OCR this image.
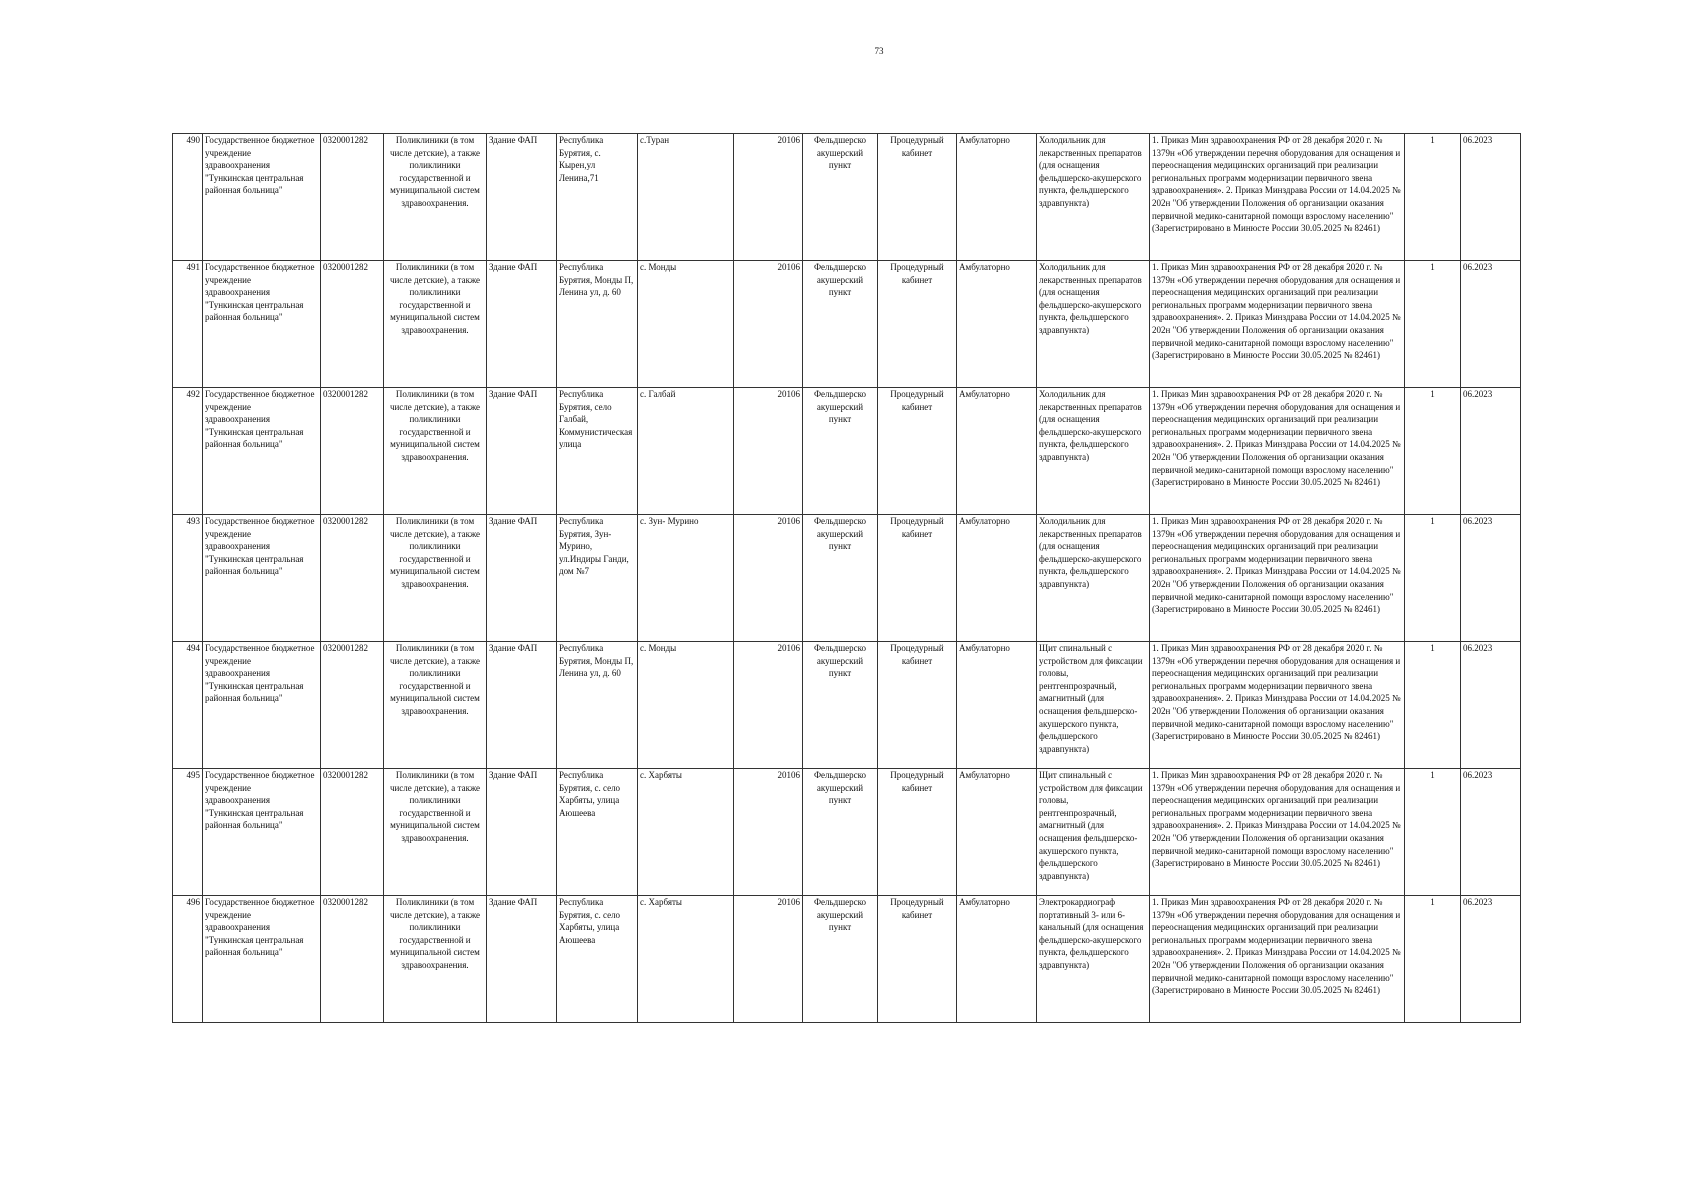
73
490	Государственное бюджетное учреждение здравоохранения "Тункинская центральная районная больница"	0320001282	Поликлиники (в том числе детские), а также поликлиники государственной и муниципальной систем здравоохранения.	Здание ФАП	Республика Бурятия, с. Кырен,ул Ленина,71	с.Туран	20106	Фельдшерско акушерский пункт	Процедурный кабинет	Амбулаторно	Холодильник для лекарственных препаратов (для оснащения фельдшерско-акушерского пункта, фельдшерского здравпункта)	1. Приказ Мин здравоохранения РФ от 28 декабря 2020 г. № 1379н «Об утверждении перечня оборудования для оснащения и переоснащения медицинских организаций при реализации региональных программ модернизации первичного звена здравоохранения». 2. Приказ Минздрава России от 14.04.2025 № 202н "Об утверждении Положения об организации оказания первичной медико-санитарной помощи взрослому населению" (Зарегистрировано в Минюсте России 30.05.2025 № 82461)	1	06.2023
491	Государственное бюджетное учреждение здравоохранения "Тункинская центральная районная больница"	0320001282	Поликлиники (в том числе детские), а также поликлиники государственной и муниципальной систем здравоохранения.	Здание ФАП	Республика Бурятия, Монды П, Ленина ул, д. 60	с. Монды	20106	Фельдшерско акушерский пункт	Процедурный кабинет	Амбулаторно	Холодильник для лекарственных препаратов (для оснащения фельдшерско-акушерского пункта, фельдшерского здравпункта)	1. Приказ Мин здравоохранения РФ от 28 декабря 2020 г. № 1379н «Об утверждении перечня оборудования для оснащения и переоснащения медицинских организаций при реализации региональных программ модернизации первичного звена здравоохранения». 2. Приказ Минздрава России от 14.04.2025 № 202н "Об утверждении Положения об организации оказания первичной медико-санитарной помощи взрослому населению" (Зарегистрировано в Минюсте России 30.05.2025 № 82461)	1	06.2023
492	Государственное бюджетное учреждение здравоохранения "Тункинская центральная районная больница"	0320001282	Поликлиники (в том числе детские), а также поликлиники государственной и муниципальной систем здравоохранения.	Здание ФАП	Республика Бурятия, село Галбай, Коммунистическая улица	с. Галбай	20106	Фельдшерско акушерский пункт	Процедурный кабинет	Амбулаторно	Холодильник для лекарственных препаратов (для оснащения фельдшерско-акушерского пункта, фельдшерского здравпункта)	1. Приказ Мин здравоохранения РФ от 28 декабря 2020 г. № 1379н «Об утверждении перечня оборудования для оснащения и переоснащения медицинских организаций при реализации региональных программ модернизации первичного звена здравоохранения». 2. Приказ Минздрава России от 14.04.2025 № 202н "Об утверждении Положения об организации оказания первичной медико-санитарной помощи взрослому населению" (Зарегистрировано в Минюсте России 30.05.2025 № 82461)	1	06.2023
493	Государственное бюджетное учреждение здравоохранения "Тункинская центральная районная больница"	0320001282	Поликлиники (в том числе детские), а также поликлиники государственной и муниципальной систем здравоохранения.	Здание ФАП	Республика Бурятия, Зун-Мурино, ул.Индиры Ганди, дом №7	с. Зун- Мурино	20106	Фельдшерско акушерский пункт	Процедурный кабинет	Амбулаторно	Холодильник для лекарственных препаратов (для оснащения фельдшерско-акушерского пункта, фельдшерского здравпункта)	1. Приказ Мин здравоохранения РФ от 28 декабря 2020 г. № 1379н «Об утверждении перечня оборудования для оснащения и переоснащения медицинских организаций при реализации региональных программ модернизации первичного звена здравоохранения». 2. Приказ Минздрава России от 14.04.2025 № 202н "Об утверждении Положения об организации оказания первичной медико-санитарной помощи взрослому населению" (Зарегистрировано в Минюсте России 30.05.2025 № 82461)	1	06.2023
494	Государственное бюджетное учреждение здравоохранения "Тункинская центральная районная больница"	0320001282	Поликлиники (в том числе детские), а также поликлиники государственной и муниципальной систем здравоохранения.	Здание ФАП	Республика Бурятия, Монды П, Ленина ул, д. 60	с. Монды	20106	Фельдшерско акушерский пункт	Процедурный кабинет	Амбулаторно	Щит спинальный с устройством для фиксации головы, рентгенпрозрачный, амагнитный (для оснащения фельдшерско-акушерского пункта, фельдшерского здравпункта)	1. Приказ Мин здравоохранения РФ от 28 декабря 2020 г. № 1379н «Об утверждении перечня оборудования для оснащения и переоснащения медицинских организаций при реализации региональных программ модернизации первичного звена здравоохранения». 2. Приказ Минздрава России от 14.04.2025 № 202н "Об утверждении Положения об организации оказания первичной медико-санитарной помощи взрослому населению" (Зарегистрировано в Минюсте России 30.05.2025 № 82461)	1	06.2023
495	Государственное бюджетное учреждение здравоохранения "Тункинская центральная районная больница"	0320001282	Поликлиники (в том числе детские), а также поликлиники государственной и муниципальной систем здравоохранения.	Здание ФАП	Республика Бурятия, с. село Харбяты, улица Аюшеева	с. Харбяты	20106	Фельдшерско акушерский пункт	Процедурный кабинет	Амбулаторно	Щит спинальный с устройством для фиксации головы, рентгенпрозрачный, амагнитный (для оснащения фельдшерско-акушерского пункта, фельдшерского здравпункта)	1. Приказ Мин здравоохранения РФ от 28 декабря 2020 г. № 1379н «Об утверждении перечня оборудования для оснащения и переоснащения медицинских организаций при реализации региональных программ модернизации первичного звена здравоохранения». 2. Приказ Минздрава России от 14.04.2025 № 202н "Об утверждении Положения об организации оказания первичной медико-санитарной помощи взрослому населению" (Зарегистрировано в Минюсте России 30.05.2025 № 82461)	1	06.2023
496	Государственное бюджетное учреждение здравоохранения "Тункинская центральная районная больница"	0320001282	Поликлиники (в том числе детские), а также поликлиники государственной и муниципальной систем здравоохранения.	Здание ФАП	Республика Бурятия, с. село Харбяты, улица Аюшеева	с. Харбяты	20106	Фельдшерско акушерский пункт	Процедурный кабинет	Амбулаторно	Электрокардиограф портативный 3- или 6-канальный (для оснащения фельдшерско-акушерского пункта, фельдшерского здравпункта)	1. Приказ Мин здравоохранения РФ от 28 декабря 2020 г. № 1379н «Об утверждении перечня оборудования для оснащения и переоснащения медицинских организаций при реализации региональных программ модернизации первичного звена здравоохранения». 2. Приказ Минздрава России от 14.04.2025 № 202н "Об утверждении Положения об организации оказания первичной медико-санитарной помощи взрослому населению" (Зарегистрировано в Минюсте России 30.05.2025 № 82461)	1	06.2023
